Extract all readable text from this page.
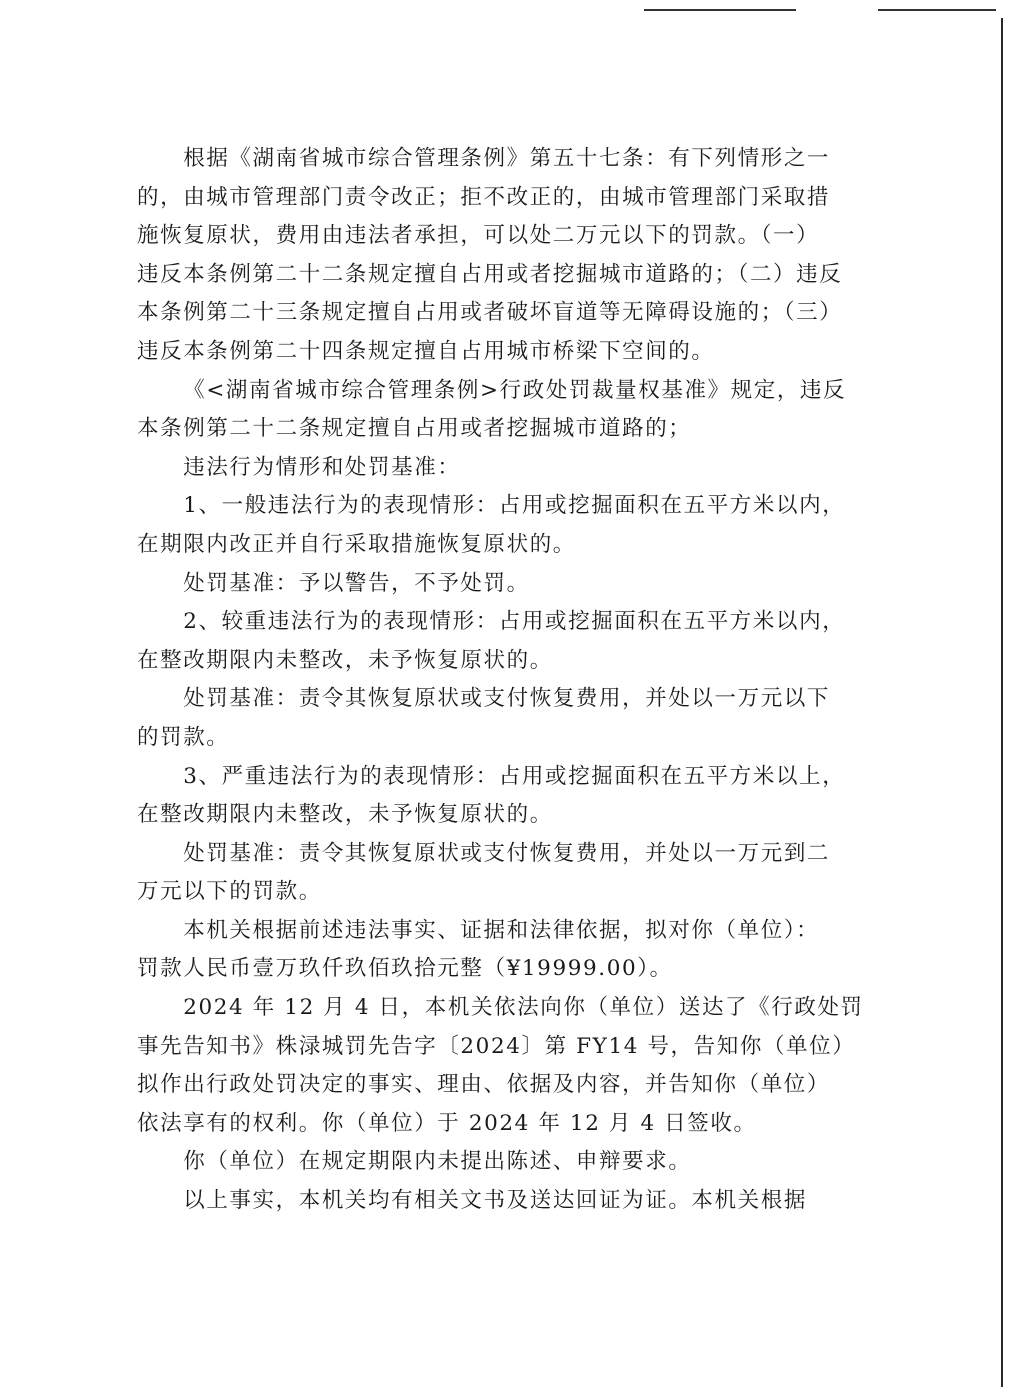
根据《湖南省城市综合管理条例》第五十七条：有下列情形之一
的，由城市管理部门责令改正；拒不改正的，由城市管理部门采取措
施恢复原状，费用由违法者承担，可以处二万元以下的罚款。（一）
违反本条例第二十二条规定擅自占用或者挖掘城市道路的；（二）违反
本条例第二十三条规定擅自占用或者破坏盲道等无障碍设施的；（三）
违反本条例第二十四条规定擅自占用城市桥梁下空间的。

《<湖南省城市综合管理条例>行政处罚裁量权基准》规定，违反
本条例第二十二条规定擅自占用或者挖掘城市道路的；

违法行为情形和处罚基准：

1、一般违法行为的表现情形：占用或挖掘面积在五平方米以内，
在期限内改正并自行采取措施恢复原状的。

处罚基准：予以警告，不予处罚。

2、较重违法行为的表现情形：占用或挖掘面积在五平方米以内，
在整改期限内未整改，未予恢复原状的。

处罚基准：责令其恢复原状或支付恢复费用，并处以一万元以下
的罚款。

3、严重违法行为的表现情形：占用或挖掘面积在五平方米以上，
在整改期限内未整改，未予恢复原状的。

处罚基准：责令其恢复原状或支付恢复费用，并处以一万元到二
万元以下的罚款。

本机关根据前述违法事实、证据和法律依据，拟对你（单位）：
罚款人民币壹万玖仟玖佰玖拾元整（¥19999.00）。

2024 年 12 月 4 日，本机关依法向你（单位）送达了《行政处罚
事先告知书》株渌城罚先告字〔2024〕第 FY14 号，告知你（单位）
拟作出行政处罚决定的事实、理由、依据及内容，并告知你（单位）
依法享有的权利。你（单位）于 2024 年 12 月 4 日签收。

你（单位）在规定期限内未提出陈述、申辩要求。

以上事实，本机关均有相关文书及送达回证为证。本机关根据
